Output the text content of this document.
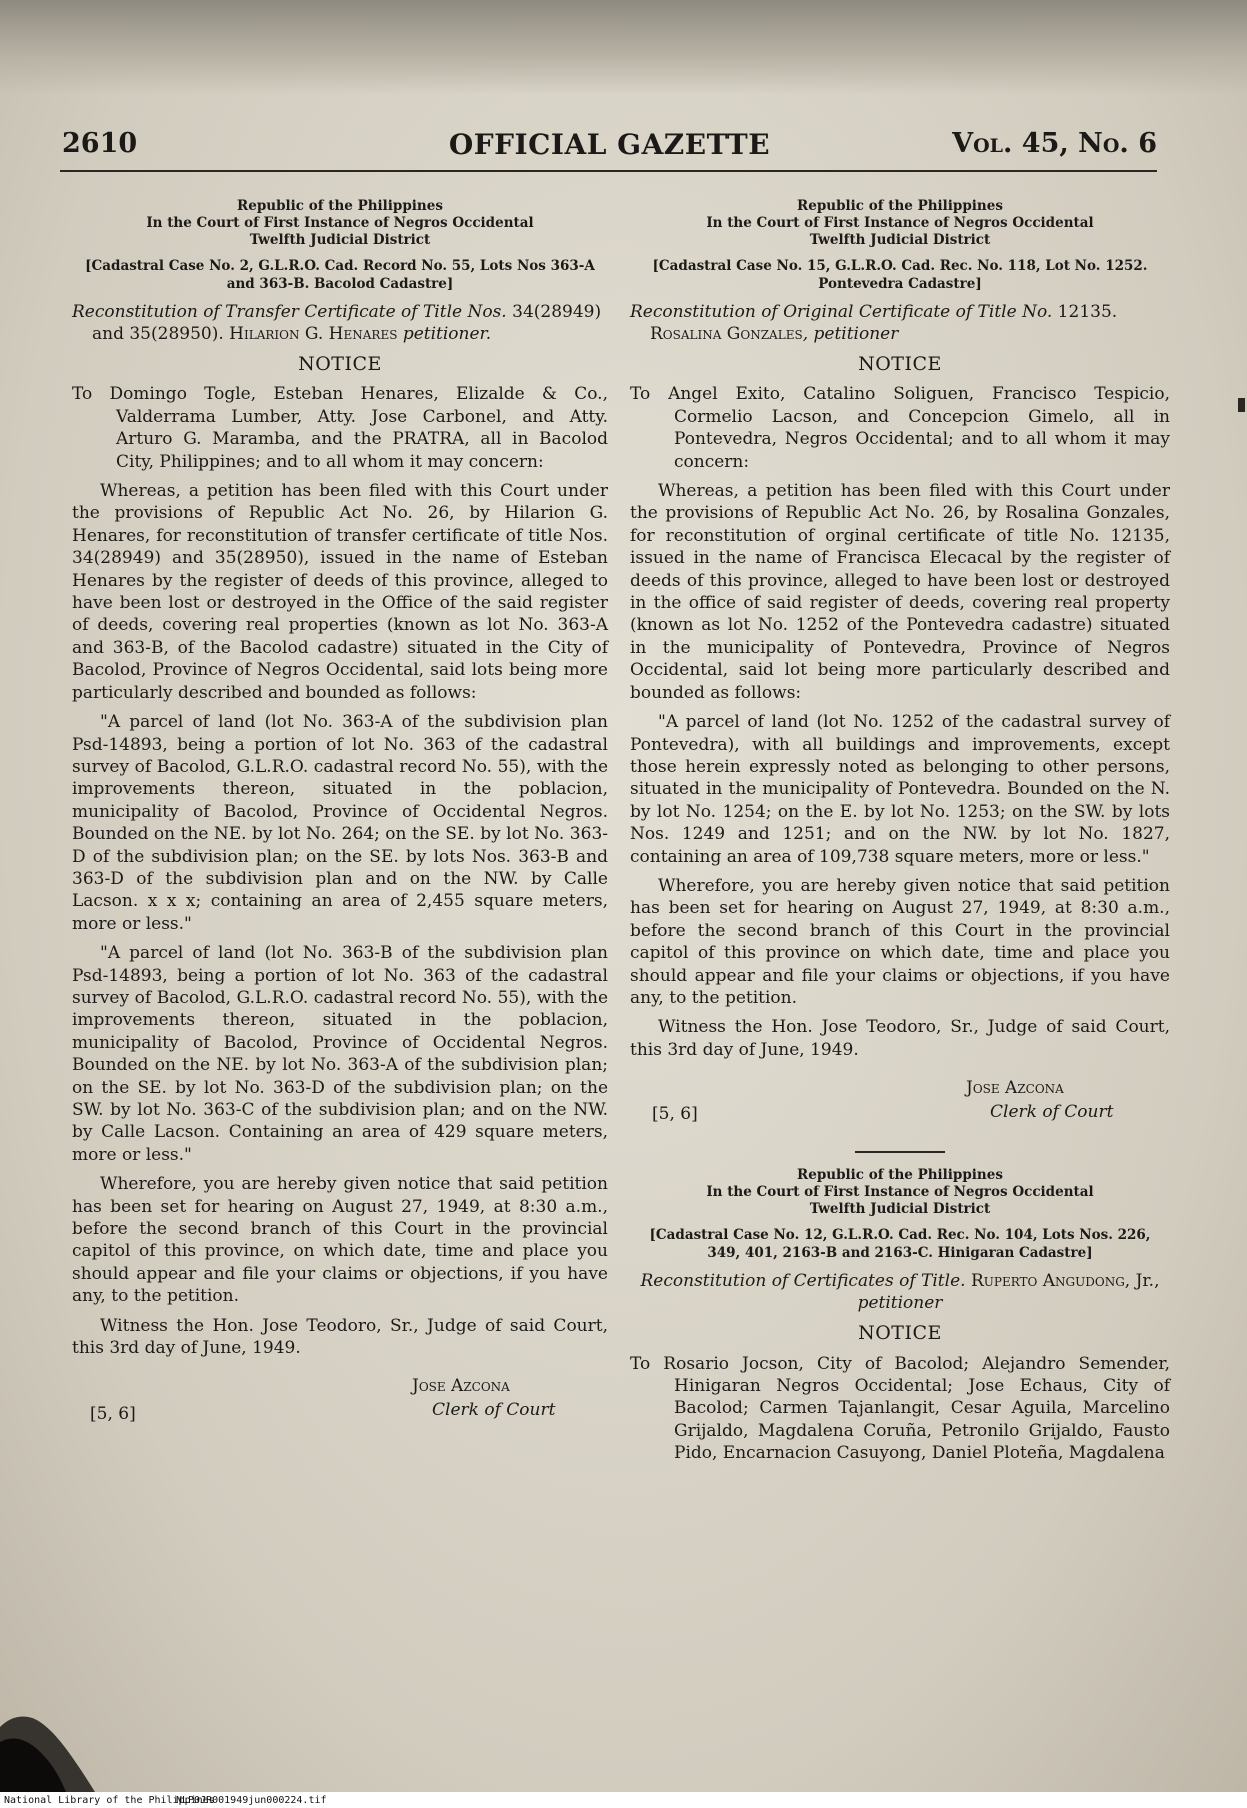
2610	OFFICIAL GAZETTE	Vol. 45, No. 6
Republic of the Philippines
In the Court of First Instance of Negros Occidental
Twelfth Judicial District
[Cadastral Case No. 2, G.L.R.O. Cad. Record No. 55, Lots Nos 363-A and 363-B. Bacolod Cadastre]
Reconstitution of Transfer Certificate of Title Nos. 34(28949) and 35(28950). Hilarion G. Henares petitioner.
NOTICE
To Domingo Togle, Esteban Henares, Elizalde & Co., Valderrama Lumber, Atty. Jose Carbonel, and Atty. Arturo G. Maramba, and the PRATRA, all in Bacolod City, Philippines; and to all whom it may concern:
Whereas, a petition has been filed with this Court under the provisions of Republic Act No. 26, by Hilarion G. Henares, for reconstitution of transfer certificate of title Nos. 34(28949) and 35(28950), issued in the name of Esteban Henares by the register of deeds of this province, alleged to have been lost or destroyed in the Office of the said register of deeds, covering real properties (known as lot No. 363-A and 363-B, of the Bacolod cadastre) situated in the City of Bacolod, Province of Negros Occidental, said lots being more particularly described and bounded as follows:
"A parcel of land (lot No. 363-A of the subdivision plan Psd-14893, being a portion of lot No. 363 of the cadastral survey of Bacolod, G.L.R.O. cadastral record No. 55), with the improvements thereon, situated in the poblacion, municipality of Bacolod, Province of Occidental Negros. Bounded on the NE. by lot No. 264; on the SE. by lot No. 363-D of the subdivision plan; on the SE. by lots Nos. 363-B and 363-D of the subdivision plan and on the NW. by Calle Lacson. x x x; containing an area of 2,455 square meters, more or less."
"A parcel of land (lot No. 363-B of the subdivision plan Psd-14893, being a portion of lot No. 363 of the cadastral survey of Bacolod, G.L.R.O. cadastral record No. 55), with the improvements thereon, situated in the poblacion, municipality of Bacolod, Province of Occidental Negros. Bounded on the NE. by lot No. 363-A of the subdivision plan; on the SE. by lot No. 363-D of the subdivision plan; on the SW. by lot No. 363-C of the subdivision plan; and on the NW. by Calle Lacson. Containing an area of 429 square meters, more or less."
Wherefore, you are hereby given notice that said petition has been set for hearing on August 27, 1949, at 8:30 a.m., before the second branch of this Court in the provincial capitol of this province, on which date, time and place you should appear and file your claims or objections, if you have any, to the petition.
Witness the Hon. Jose Teodoro, Sr., Judge of said Court, this 3rd day of June, 1949.
Jose Azcona
Clerk of Court
[5, 6]
Republic of the Philippines
In the Court of First Instance of Negros Occidental
Twelfth Judicial District
[Cadastral Case No. 15, G.L.R.O. Cad. Rec. No. 118, Lot No. 1252. Pontevedra Cadastre]
Reconstitution of Original Certificate of Title No. 12135. Rosalina Gonzales, petitioner
NOTICE
To Angel Exito, Catalino Soliguen, Francisco Tespicio, Cormelio Lacson, and Concepcion Gimelo, all in Pontevedra, Negros Occidental; and to all whom it may concern:
Whereas, a petition has been filed with this Court under the provisions of Republic Act No. 26, by Rosalina Gonzales, for reconstitution of orginal certificate of title No. 12135, issued in the name of Francisca Elecacal by the register of deeds of this province, alleged to have been lost or destroyed in the office of said register of deeds, covering real property (known as lot No. 1252 of the Pontevedra cadastre) situated in the municipality of Pontevedra, Province of Negros Occidental, said lot being more particularly described and bounded as follows:
"A parcel of land (lot No. 1252 of the cadastral survey of Pontevedra), with all buildings and improvements, except those herein expressly noted as belonging to other persons, situated in the municipality of Pontevedra. Bounded on the N. by lot No. 1254; on the E. by lot No. 1253; on the SW. by lots Nos. 1249 and 1251; and on the NW. by lot No. 1827, containing an area of 109,738 square meters, more or less."
Wherefore, you are hereby given notice that said petition has been set for hearing on August 27, 1949, at 8:30 a.m., before the second branch of this Court in the provincial capitol of this province on which date, time and place you should appear and file your claims or objections, if you have any, to the petition.
Witness the Hon. Jose Teodoro, Sr., Judge of said Court, this 3rd day of June, 1949.
Jose Azcona
Clerk of Court
[5, 6]
Republic of the Philippines
In the Court of First Instance of Negros Occidental
Twelfth Judicial District
[Cadastral Case No. 12, G.L.R.O. Cad. Rec. No. 104, Lots Nos. 226, 349, 401, 2163-B and 2163-C. Hinigaran Cadastre]
Reconstitution of Certificates of Title. Ruperto Angudong, Jr., petitioner
NOTICE
To Rosario Jocson, City of Bacolod; Alejandro Semender, Hinigaran Negros Occidental; Jose Echaus, City of Bacolod; Carmen Tajanlangit, Cesar Aguila, Marcelino Grijaldo, Magdalena Coruña, Petronilo Grijaldo, Fausto Pido, Encarnacion Casuyong, Daniel Ploteña, Magdalena
National Library of the Philippines
NLP0JR001949jun000224.tif
